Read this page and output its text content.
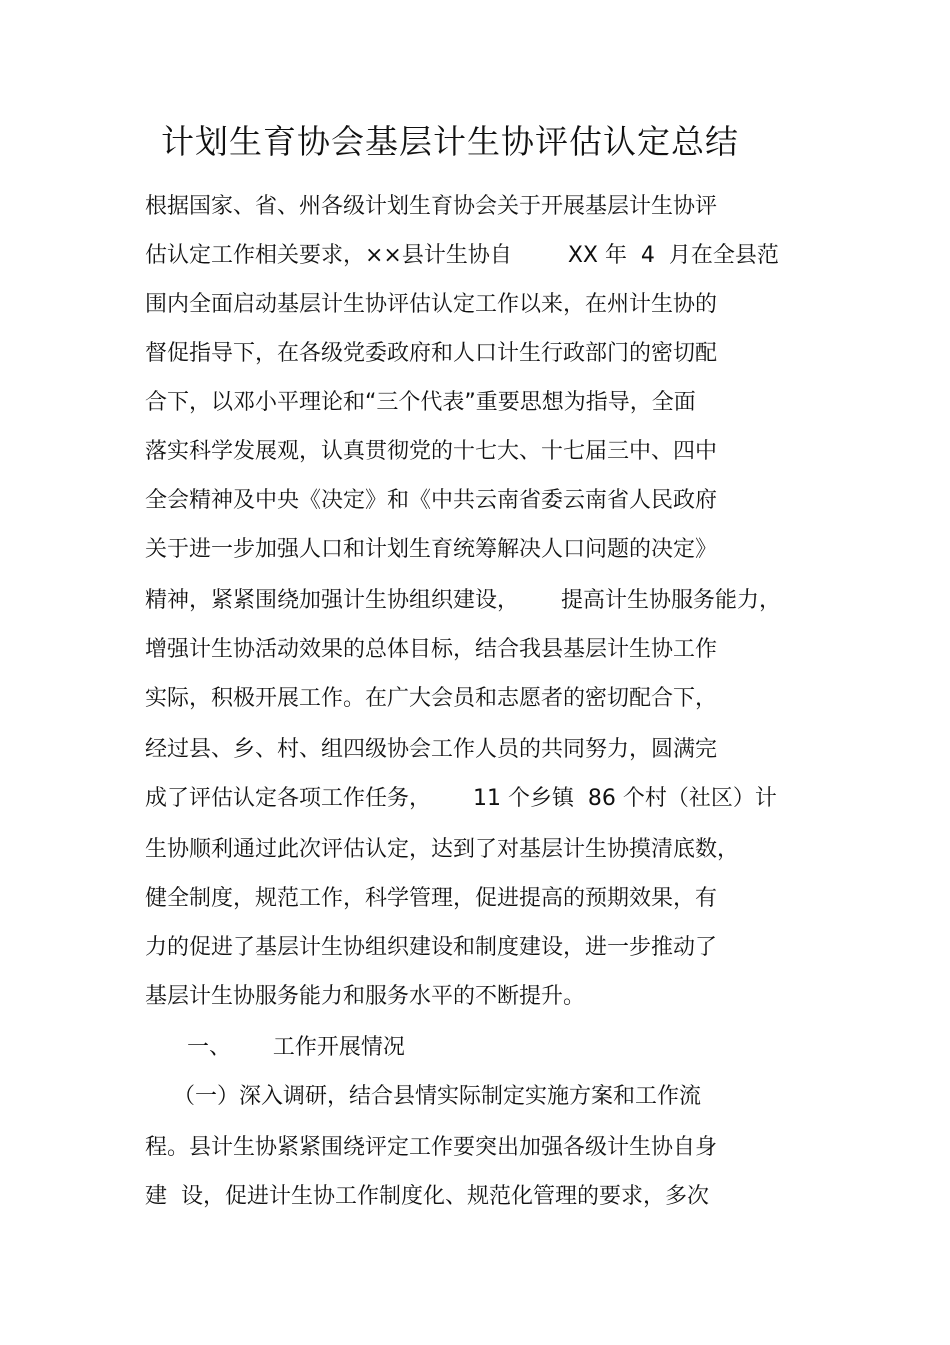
计划生育协会基层计生协评估认定总结
根据国家、省、州各级计划生育协会关于开展基层计生协评
估认定工作相关要求，××县计生协自        XX 年  4  月在全县范
围内全面启动基层计生协评估认定工作以来，在州计生协的
督促指导下，在各级党委政府和人口计生行政部门的密切配
合下，以邓小平理论和“三个代表”重要思想为指导，全面
落实科学发展观，认真贯彻党的十七大、十七届三中、四中
全会精神及中央《决定》和《中共云南省委云南省人民政府
关于进一步加强人口和计划生育统筹解决人口问题的决定》
精神，紧紧围绕加强计生协组织建设，      提高计生协服务能力，
增强计生协活动效果的总体目标，结合我县基层计生协工作
实际，积极开展工作。在广大会员和志愿者的密切配合下，
经过县、乡、村、组四级协会工作人员的共同努力，圆满完
成了评估认定各项工作任务，      11 个乡镇  86 个村（社区）计
生协顺利通过此次评估认定，达到了对基层计生协摸清底数，
健全制度，规范工作，科学管理，促进提高的预期效果，有
力的促进了基层计生协组织建设和制度建设，进一步推动了
基层计生协服务能力和服务水平的不断提升。
一、      工作开展情况
（一）深入调研，结合县情实际制定实施方案和工作流
程。县计生协紧紧围绕评定工作要突出加强各级计生协自身
建  设，促进计生协工作制度化、规范化管理的要求，多次
